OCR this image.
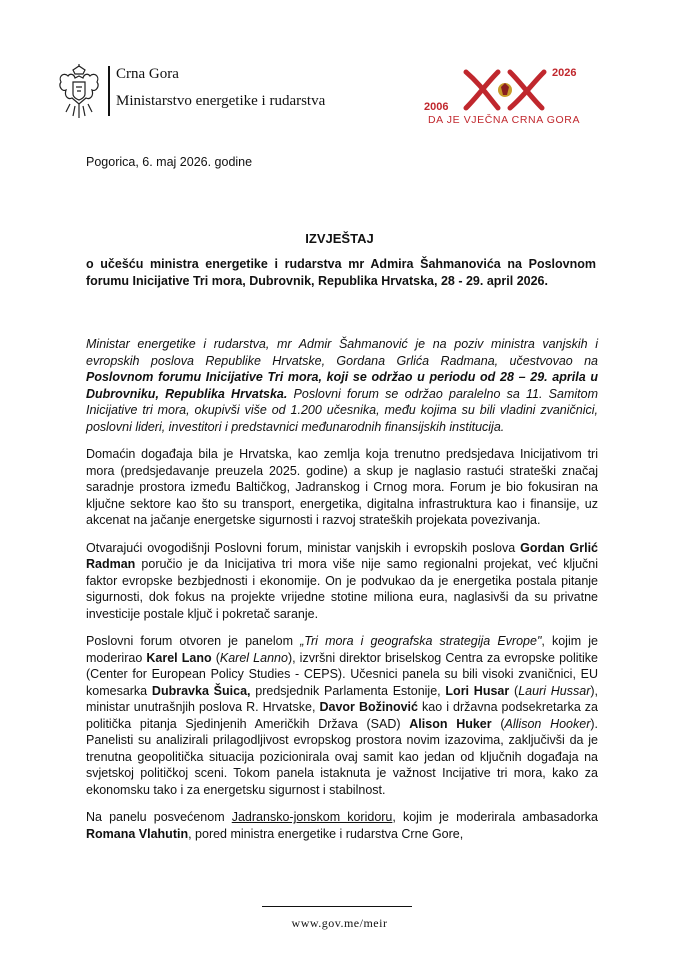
Crna Gora
Ministarstvo energetike i rudarstva	2006
2026
DA JE VJEČNA CRNA GORA
Pogorica, 6. maj 2026. godine
IZVJEŠTAJ
o učešću ministra energetike i rudarstva mr Admira Šahmanovića na Poslovnom forumu Inicijative Tri mora, Dubrovnik, Republika Hrvatska, 28 - 29. april 2026.

Ministar energetike i rudarstva, mr Admir Šahmanović je na poziv ministra vanjskih i evropskih poslova Republike Hrvatske, Gordana Grlića Radmana, učestvovao na Poslovnom forumu Inicijative Tri mora, koji se održao u periodu od 28 – 29. aprila u Dubrovniku, Republika Hrvatska. Poslovni forum se održao paralelno sa 11. Samitom Inicijative tri mora, okupivši više od 1.200 učesnika, među kojima su bili vladini zvaničnici, poslovni lideri, investitori i predstavnici međunarodnih finansijskih institucija.

Domaćin događaja bila je Hrvatska, kao zemlja koja trenutno predsjedava Inicijativom tri mora (predsjedavanje preuzela 2025. godine) a skup je naglasio rastući strateški značaj saradnje prostora između Baltičkog, Jadranskog i Crnog mora. Forum je bio fokusiran na ključne sektore kao što su transport, energetika, digitalna infrastruktura kao i finansije, uz akcenat na jačanje energetske sigurnosti i razvoj strateških projekata povezivanja.

Otvarajući ovogodišnji Poslovni forum, ministar vanjskih i evropskih poslova Gordan Grlić Radman poručio je da Inicijativa tri mora više nije samo regionalni projekat, već ključni faktor evropske bezbjednosti i ekonomije. On je podvukao da je energetika postala pitanje sigurnosti, dok fokus na projekte vrijedne stotine miliona eura, naglasivši da su privatne investicije postale ključ i pokretač saranje.

Poslovni forum otvoren je panelom „Tri mora i geografska strategija Evrope", kojim je moderirao Karel Lano (Karel Lanno), izvršni direktor briselskog Centra za evropske politike (Center for European Policy Studies - CEPS). Učesnici panela su bili visoki zvaničnici, EU komesarka Dubravka Šuica, predsjednik Parlamenta Estonije, Lori Husar (Lauri Hussar), ministar unutrašnjih poslova R. Hrvatske, Davor Božinović kao i državna podsekretarka za politička pitanja Sjedinjenih Američkih Država (SAD) Alison Huker (Allison Hooker). Panelisti su analizirali prilagodljivost evropskog prostora novim izazovima, zaključivši da je trenutna geopolitička situacija pozicionirala ovaj samit kao jedan od ključnih događaja na svjetskoj političkoj sceni. Tokom panela istaknuta je važnost Incijative tri mora, kako za ekonomsku tako i za energetsku sigurnost i stabilnost.

Na panelu posvećenom Jadransko-jonskom koridoru, kojim je moderirala ambasadorka Romana Vlahutin, pored ministra energetike i rudarstva Crne Gore,

www.gov.me/meir
